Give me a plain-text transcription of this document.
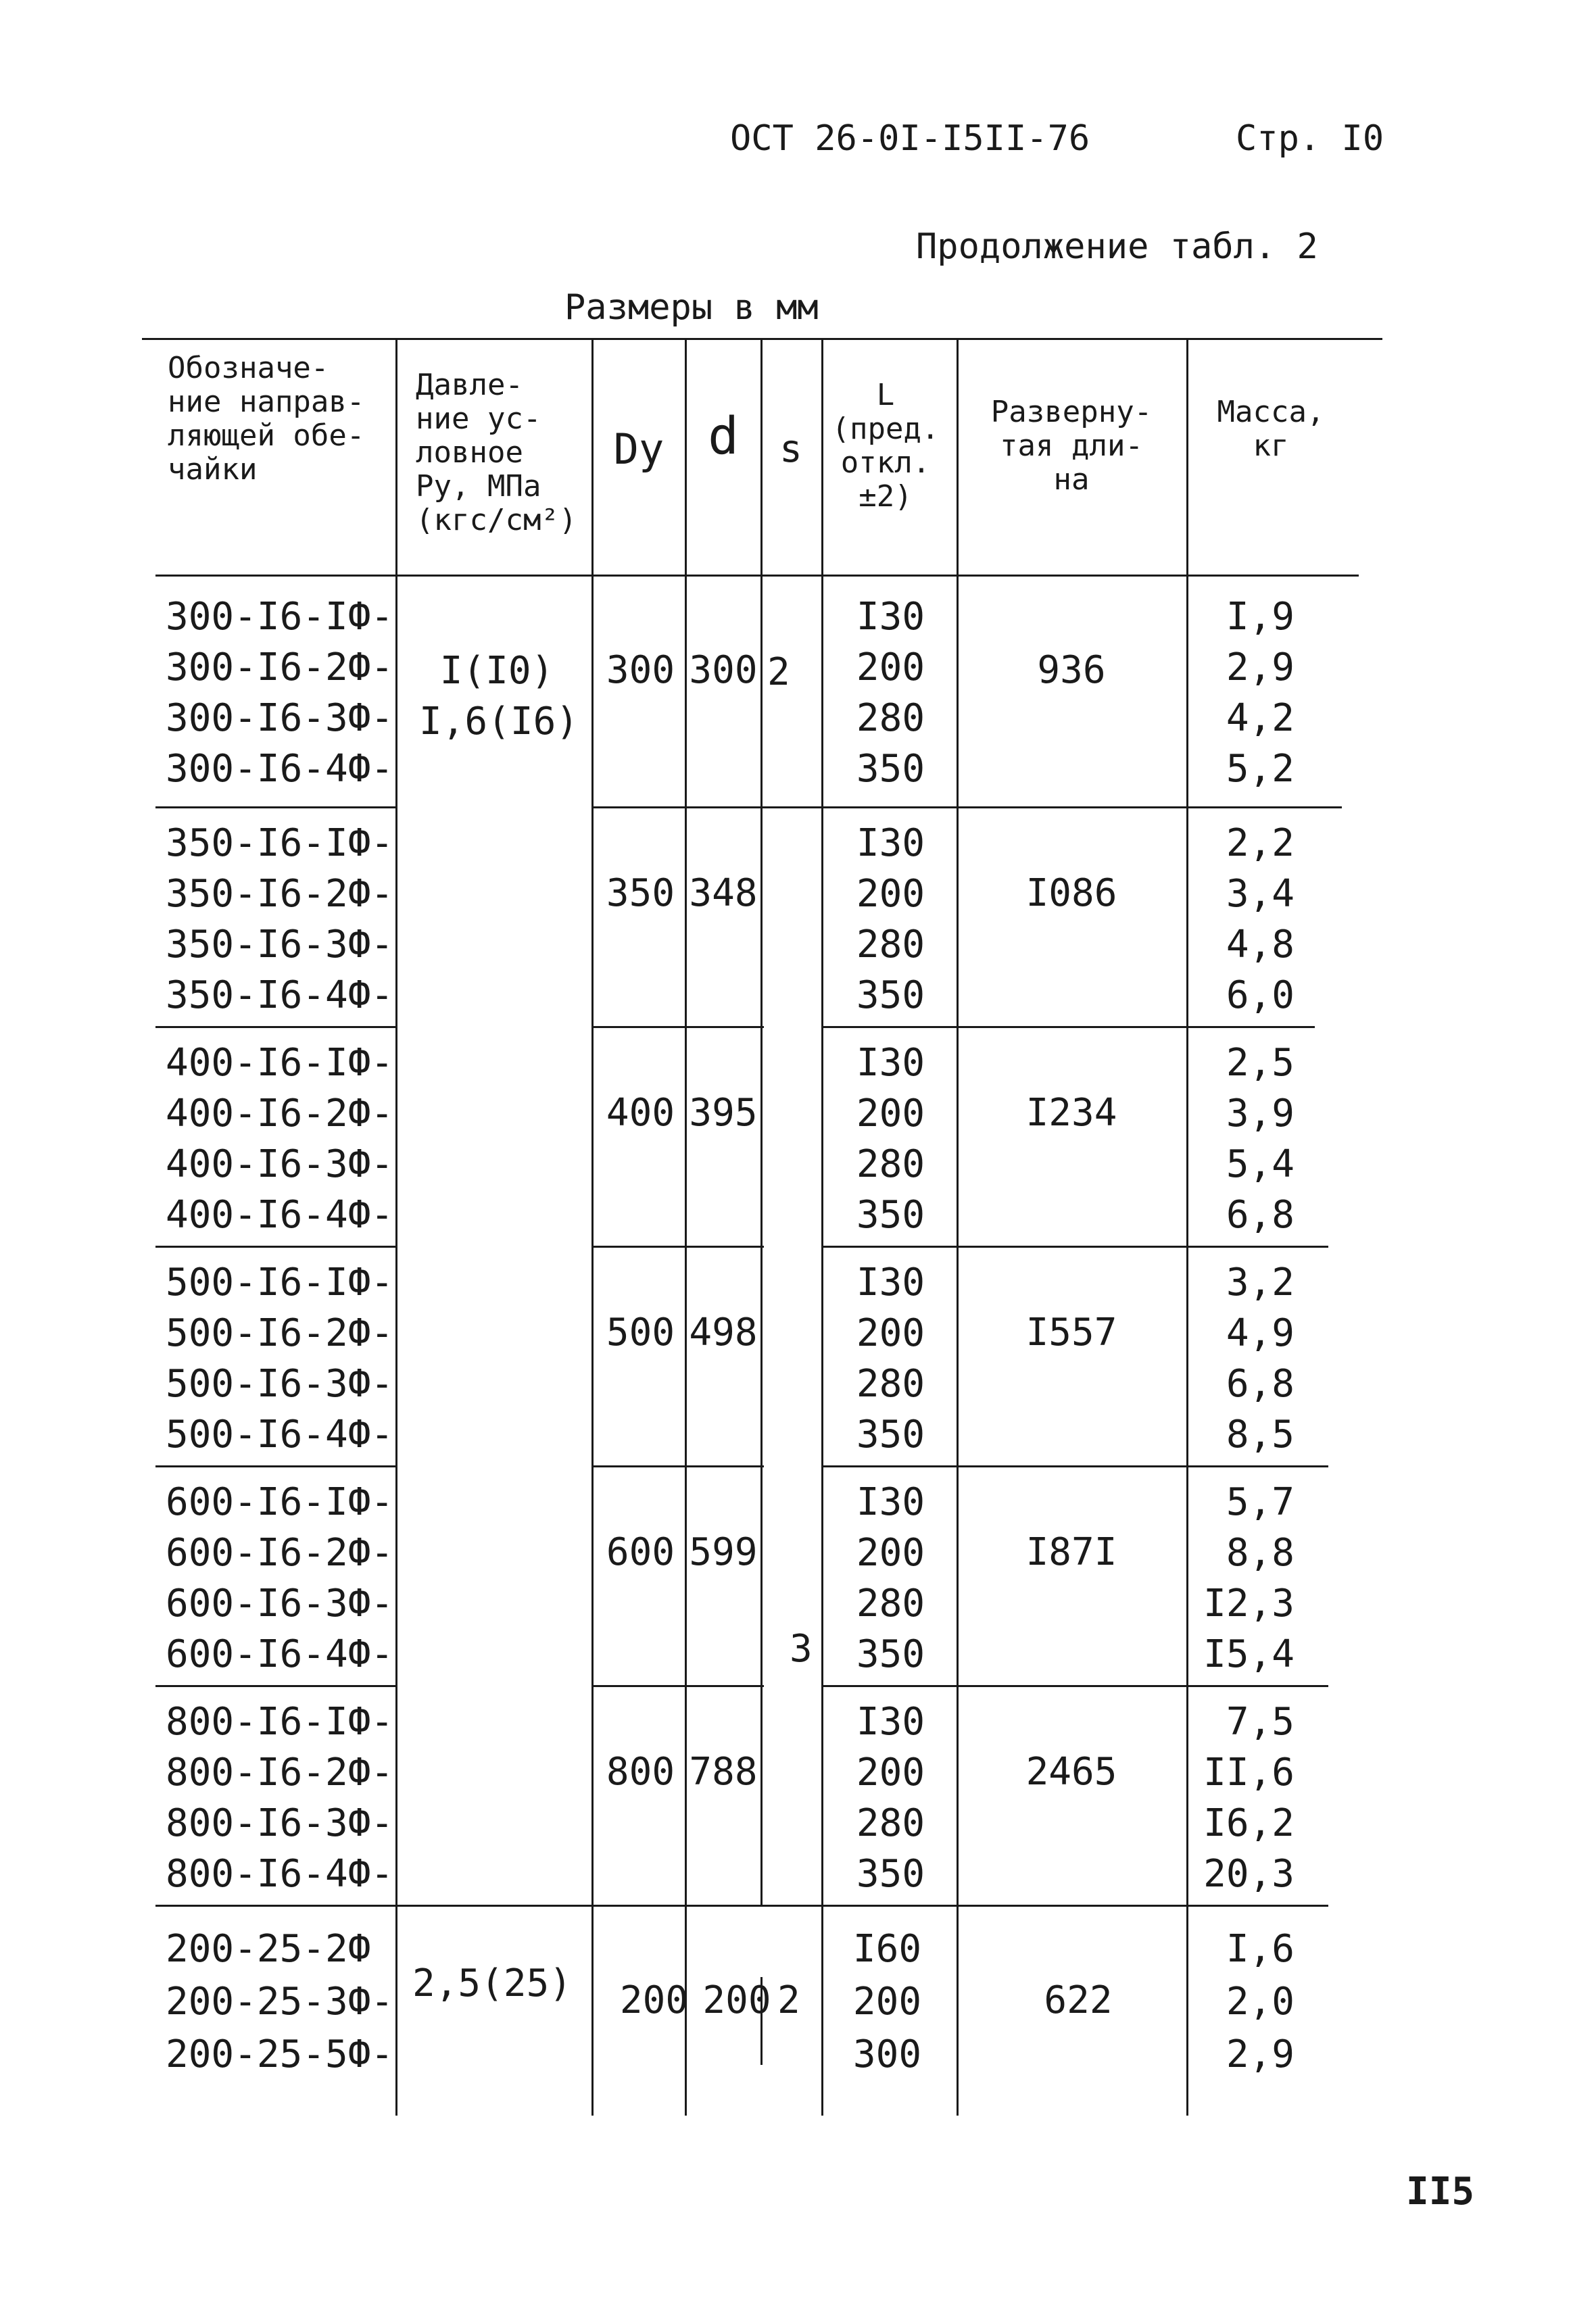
ОСТ 26-0I-I5II-76	Стр. I0
Продолжение табл. 2
Размеры в мм
Обозначе-
ние направ-
ляющей обе-
чайки
Давле-
ние ус-
ловное
Pу, МПа
(кгс/см²)
Dу d	s
L
(пред.
откл.
±2)
Разверну-
тая дли-
на
Масса,
кг
I(I0)
I,6(I6)
2,5(25)
2
3
2
300-I6-IФ-
300-I6-2Ф-
300-I6-3Ф-
300-I6-4Ф-
300 300
I30
200
280
350
936
I,9
2,9
4,2
5,2
350-I6-IФ-
350-I6-2Ф-
350-I6-3Ф-
350-I6-4Ф-
350 348
I30
200
280
350
I086
2,2
3,4
4,8
6,0
400-I6-IФ-
400-I6-2Ф-
400-I6-3Ф-
400-I6-4Ф-
400 395
I30
200
280
350
I234
2,5
3,9
5,4
6,8
500-I6-IФ-
500-I6-2Ф-
500-I6-3Ф-
500-I6-4Ф-
500 498
I30
200
280
350
I557
3,2
4,9
6,8
8,5
600-I6-IФ-
600-I6-2Ф-
600-I6-3Ф-
600-I6-4Ф-
600 599
I30
200
280
350
I87I
5,7
8,8
I2,3
I5,4
800-I6-IФ-
800-I6-2Ф-
800-I6-3Ф-
800-I6-4Ф-
800 788
I30
200
280
350
2465
7,5
II,6
I6,2
20,3
200-25-2Ф
200-25-3Ф-
200-25-5Ф-
200 200
I60
200
300
622
I,6
2,0
2,9
II5
